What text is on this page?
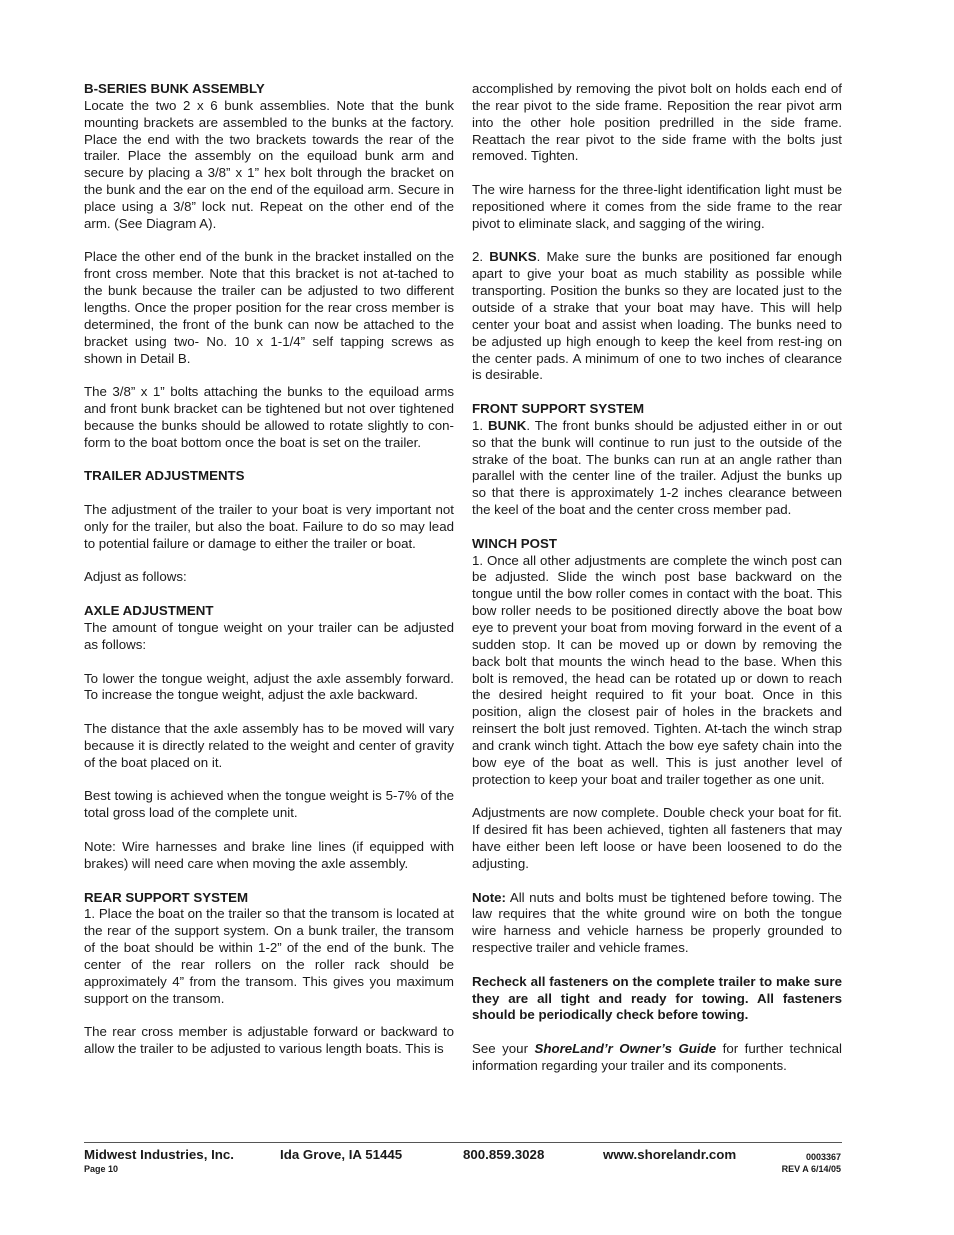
B-SERIES BUNK ASSEMBLY

Locate the two 2 x 6 bunk assemblies. Note that the bunk mounting brackets are assembled to the bunks at the factory. Place the end with the two brackets towards the rear of the trailer. Place the assembly on the equiload bunk arm and secure by placing a 3/8” x 1” hex bolt through the bracket on the bunk and the ear on the end of the equiload arm. Secure in place using a 3/8” lock nut. Repeat on the other end of the arm. (See Diagram A).

Place the other end of the bunk in the bracket installed on the front cross member. Note that this bracket is not at-tached to the bunk because the trailer can be adjusted to two different lengths. Once the proper position for the rear cross member is determined, the front of the bunk can now be attached to the bracket using two- No. 10 x 1-1/4” self tapping screws as shown in Detail B.

The 3/8” x 1” bolts attaching the bunks to the equiload arms and front bunk bracket can be tightened but not over tightened because the bunks should be allowed to rotate slightly to con-form to the boat bottom once the boat is set on the trailer.

TRAILER ADJUSTMENTS

The adjustment of the trailer to your boat is very important not only for the trailer, but also the boat. Failure to do so may lead to potential failure or damage to either the trailer or boat.

Adjust as follows:

AXLE ADJUSTMENT

The amount of tongue weight on your trailer can be adjusted as follows:

To lower the tongue weight, adjust the axle assembly forward. To increase the tongue weight, adjust the axle backward.

The distance that the axle assembly has to be moved will vary because it is directly related to the weight and center of gravity of the boat placed on it.

Best towing is achieved when the tongue weight is 5-7% of the total gross load of the complete unit.

Note: Wire harnesses and brake line lines (if equipped with brakes) will need care when moving the axle assembly.

REAR SUPPORT SYSTEM

1. Place the boat on the trailer so that the transom is located at the rear of the support system. On a bunk trailer, the transom of the boat should be within 1-2” of the end of the bunk. The center of the rear rollers on the roller rack should be approximately 4” from the transom. This gives you maximum support on the transom.

The rear cross member is adjustable forward or backward to allow the trailer to be adjusted to various length boats. This is

accomplished by removing the pivot bolt on holds each end of the rear pivot to the side frame. Reposition the rear pivot arm into the other hole position predrilled in the side frame. Reattach the rear pivot to the side frame with the bolts just removed. Tighten.

The wire harness for the three-light identification light must be repositioned where it comes from the side frame to the rear pivot to eliminate slack, and sagging of the wiring.

2. BUNKS. Make sure the bunks are positioned far enough apart to give your boat as much stability as possible while transporting. Position the bunks so they are located just to the outside of a strake that your boat may have. This will help center your boat and assist when loading. The bunks need to be adjusted up high enough to keep the keel from rest-ing on the center pads. A minimum of one to two inches of clearance is desirable.

FRONT SUPPORT SYSTEM

1. BUNK. The front bunks should be adjusted either in or out so that the bunk will continue to run just to the outside of the strake of the boat. The bunks can run at an angle rather than parallel with the center line of the trailer. Adjust the bunks up so that there is approximately 1-2 inches clearance between the keel of the boat and the center cross member pad.

WINCH POST

1. Once all other adjustments are complete the winch post can be adjusted. Slide the winch post base backward on the tongue until the bow roller comes in contact with the boat. This bow roller needs to be positioned directly above the boat bow eye to prevent your boat from moving forward in the event of a sudden stop. It can be moved up or down by removing the back bolt that mounts the winch head to the base. When this bolt is removed, the head can be rotated up or down to reach the desired height required to fit your boat. Once in this position, align the closest pair of holes in the brackets and reinsert the bolt just removed. Tighten. At-tach the winch strap and crank winch tight. Attach the bow eye safety chain into the bow eye of the boat as well. This is just another level of protection to keep your boat and trailer together as one unit.

Adjustments are now complete. Double check your boat for fit. If desired fit has been achieved, tighten all fasteners that may have either been left loose or have been loosened to do the adjusting.

Note: All nuts and bolts must be tightened before towing. The law requires that the white ground wire on both the tongue wire harness and vehicle harness be properly grounded to respective trailer and vehicle frames.

Recheck all fasteners on the complete trailer to make sure they are all tight and ready for towing. All fasteners should be periodically check before towing.

See your ShoreLand’r Owner’s Guide for further technical information regarding your trailer and its components.

Midwest Industries, Inc.	Ida Grove, IA 51445	800.859.3028	www.shorelandr.com
Page 10
0003367
REV A 6/14/05
